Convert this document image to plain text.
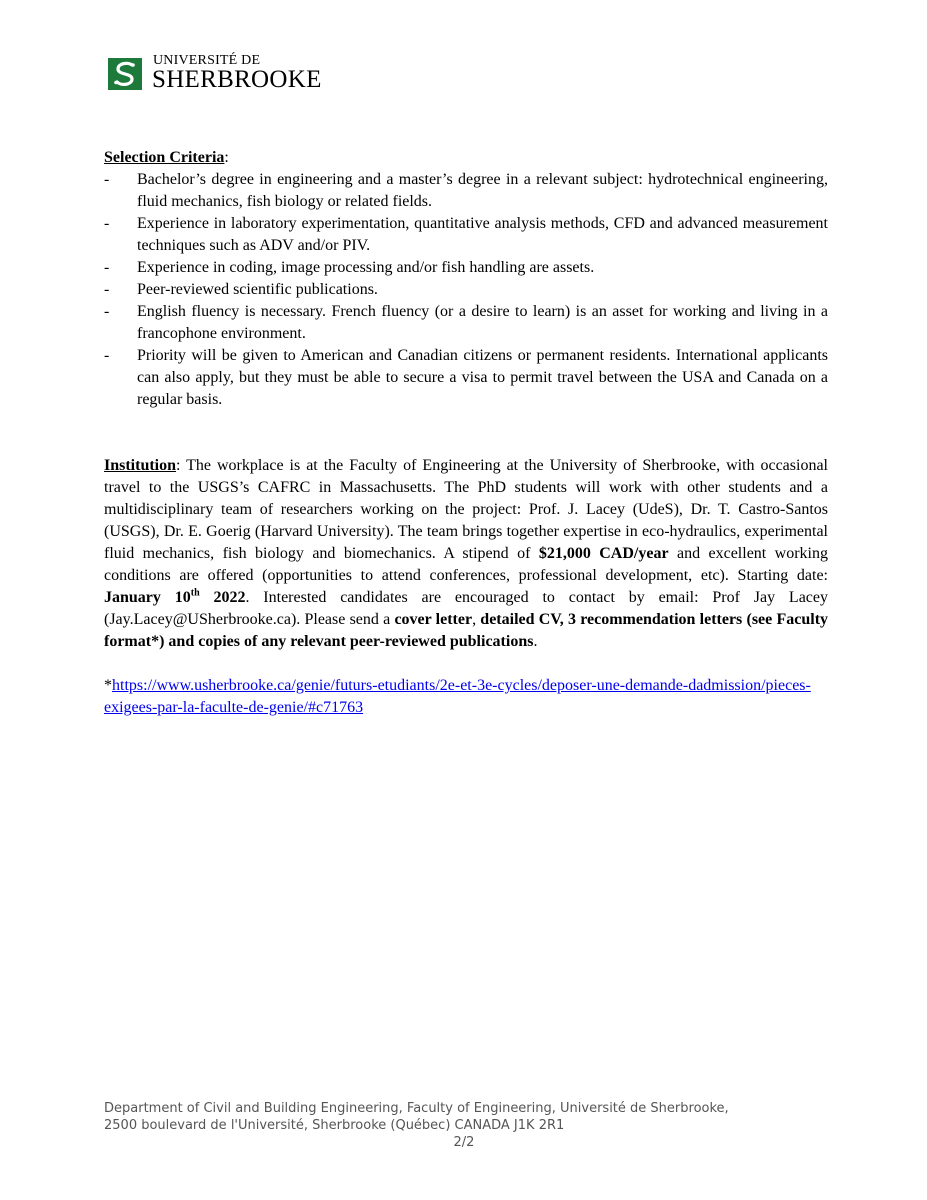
UNIVERSITÉ DE
SHERBROOKE
Selection Criteria:
- Bachelor’s degree in engineering and a master’s degree in a relevant subject: hydrotechnical engineering, fluid mechanics, fish biology or related fields.
- Experience in laboratory experimentation, quantitative analysis methods, CFD and advanced measurement techniques such as ADV and/or PIV.
- Experience in coding, image processing and/or fish handling are assets.
- Peer-reviewed scientific publications.
- English fluency is necessary. French fluency (or a desire to learn) is an asset for working and living in a francophone environment.
- Priority will be given to American and Canadian citizens or permanent residents. International applicants can also apply, but they must be able to secure a visa to permit travel between the USA and Canada on a regular basis.

Institution: The workplace is at the Faculty of Engineering at the University of Sherbrooke, with occasional travel to the USGS’s CAFRC in Massachusetts. The PhD students will work with other students and a multidisciplinary team of researchers working on the project: Prof. J. Lacey (UdeS), Dr. T. Castro-Santos (USGS), Dr. E. Goerig (Harvard University). The team brings together expertise in eco-hydraulics, experimental fluid mechanics, fish biology and biomechanics. A stipend of $21,000 CAD/year and excellent working conditions are offered (opportunities to attend conferences, professional development, etc). Starting date: January 10th 2022. Interested candidates are encouraged to contact by email: Prof Jay Lacey (Jay.Lacey@USherbrooke.ca). Please send a cover letter, detailed CV, 3 recommendation letters (see Faculty format*) and copies of any relevant peer-reviewed publications.

*https://www.usherbrooke.ca/genie/futurs-etudiants/2e-et-3e-cycles/deposer-une-demande-dadmission/pieces-exigees-par-la-faculte-de-genie/#c71763

Department of Civil and Building Engineering, Faculty of Engineering, Université de Sherbrooke,
2500 boulevard de l'Université, Sherbrooke (Québec) CANADA J1K 2R1
2/2
